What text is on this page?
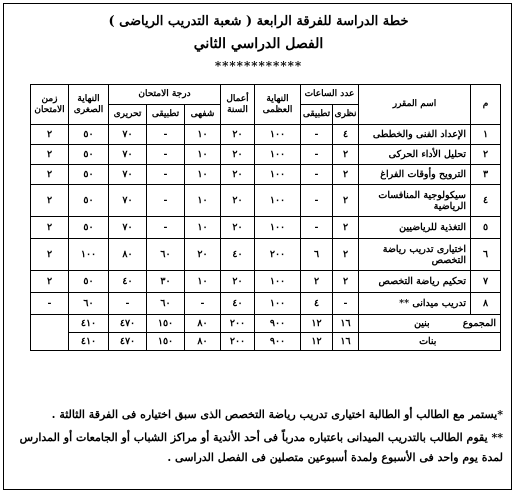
خطة الدراسة للفرقة الرابعة ( شعبة التدريب الرياضى )
الفصل الدراسي الثاني
************
م	اسم المقرر	عدد الساعات		النهاية العظمى	أعمال السنة	درجة الامتحان			النهاية الصغرى	زمن الامتحان
		نظرى	تطبيقى			شفهى	تطبيقى	تحريرى		
١	الإعداد الفنى والخططى	٤	-	١٠٠	٢٠	١٠	-	٧٠	٥٠	٢
٢	تحليل الأداء الحركى	٢	-	١٠٠	٢٠	١٠	-	٧٠	٥٠	٢
٣	الترويح وأوقات الفراغ	٢	-	١٠٠	٢٠	١٠	-	٧٠	٥٠	٢
٤	سيكولوجية المنافسات الرياضية	٢	-	١٠٠	٢٠	١٠	-	٧٠	٥٠	٢
٥	التغذية للرياضيين	٢	-	١٠٠	٢٠	١٠	-	٧٠	٥٠	٢
٦	اختيارى تدريب رياضة التخصص	٢	٦	٢٠٠	٤٠	٢٠	٦٠	٨٠	١٠٠	٢
٧	تحكيم رياضة التخصص	٢	٢	١٠٠	٢٠	١٠	٣٠	٤٠	٥٠	٢
٨	تدريب ميدانى **	-	٤	١٠٠	٤٠	-	٦٠	-	٦٠	-
المجموع          بنين		١٦	١٢	٩٠٠	٢٠٠	٨٠	١٥٠	٤٧٠	٤١٠	
بنات		١٦	١٢	٩٠٠	٢٠٠	٨٠	١٥٠	٤٧٠	٤١٠	
*يستمر مع الطالب أو الطالبة اختيارى تدريب رياضة التخصص الذى سبق اختياره فى الفرقة الثالثة .
** يقوم الطالب بالتدريب الميدانى باعتباره مدرباً فى أحد الأندية أو مراكز الشباب أو الجامعات أو المدارس لمدة يوم واحد فى الأسبوع ولمدة أسبوعين متصلين فى الفصل الدراسى .
